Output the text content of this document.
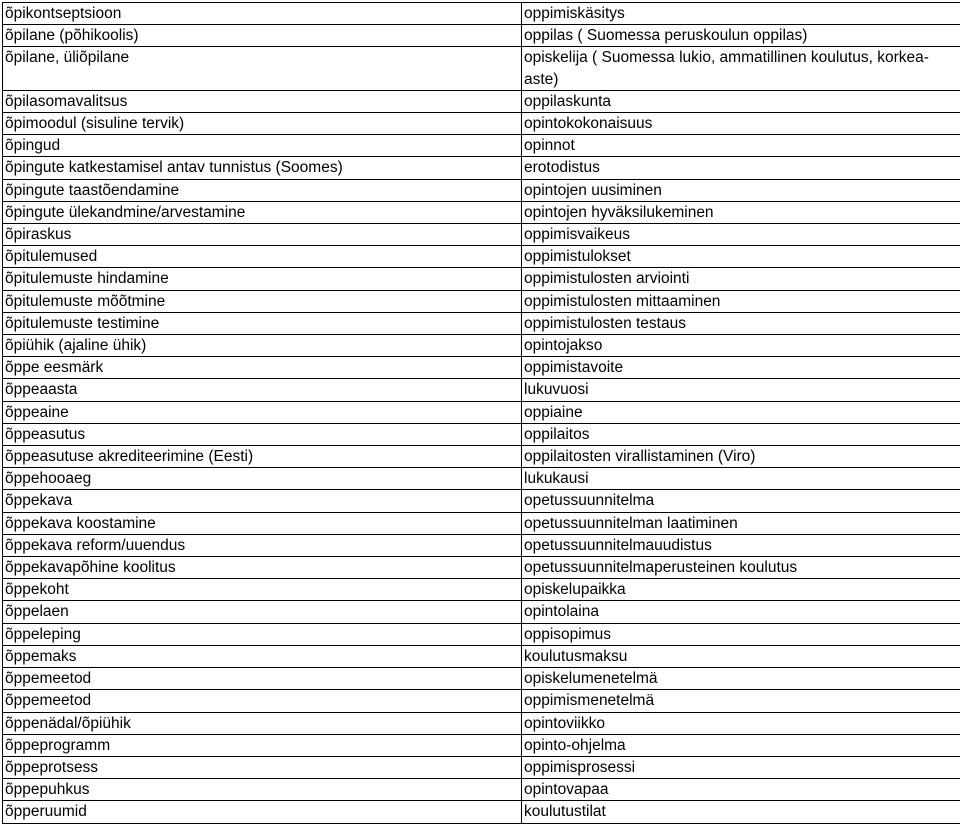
õpikontseptsioon	oppimiskäsitys
õpilane (põhikoolis)	oppilas ( Suomessa peruskoulun oppilas)
õpilane, üliõpilane	opiskelija ( Suomessa lukio, ammatillinen koulutus, korkea-aste)
õpilasomavalitsus	oppilaskunta
õpimoodul (sisuline tervik)	opintokokonaisuus
õpingud	opinnot
õpingute katkestamisel antav tunnistus (Soomes)	erotodistus
õpingute taastõendamine	opintojen uusiminen
õpingute ülekandmine/arvestamine	opintojen hyväksilukeminen
õpiraskus	oppimisvaikeus
õpitulemused	oppimistulokset
õpitulemuste hindamine	oppimistulosten arviointi
õpitulemuste mõõtmine	oppimistulosten mittaaminen
õpitulemuste testimine	oppimistulosten testaus
õpiühik (ajaline ühik)	opintojakso
õppe eesmärk	oppimistavoite
õppeaasta	lukuvuosi
õppeaine	oppiaine
õppeasutus	oppilaitos
õppeasutuse akrediteerimine (Eesti)	oppilaitosten virallistaminen (Viro)
õppehooaeg	lukukausi
õppekava	opetussuunnitelma
õppekava koostamine	opetussuunnitelman laatiminen
õppekava reform/uuendus	opetussuunnitelmauudistus
õppekavapõhine koolitus	opetussuunnitelmaperusteinen koulutus
õppekoht	opiskelupaikka
õppelaen	opintolaina
õppeleping	oppisopimus
õppemaks	koulutusmaksu
õppemeetod	opiskelumenetelmä
õppemeetod	oppimismenetelmä
õppenädal/õpiühik	opintoviikko
õppeprogramm	opinto-ohjelma
õppeprotsess	oppimisprosessi
õppepuhkus	opintovapaa
õpperuumid	koulutustilat
